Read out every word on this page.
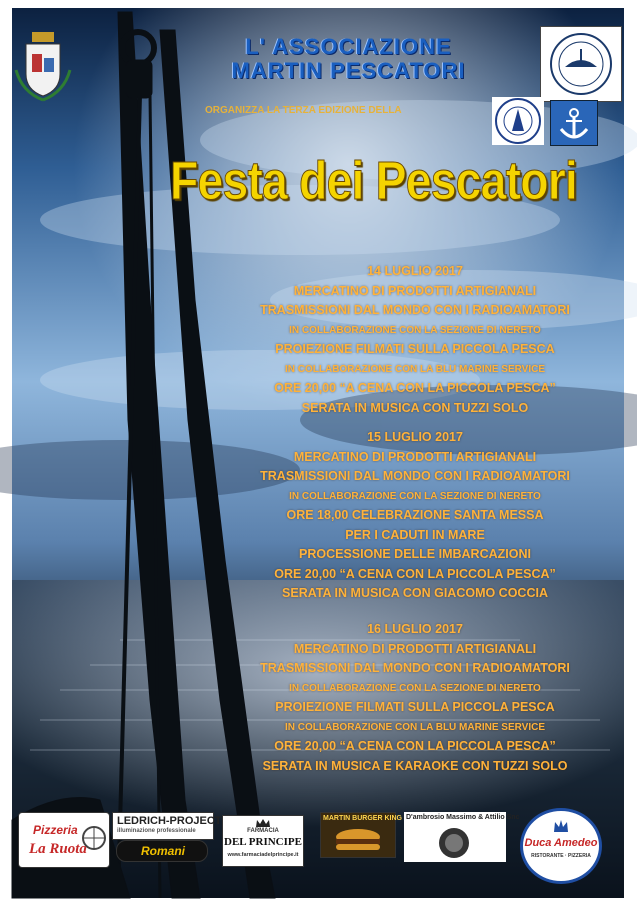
L' ASSOCIAZIONE
MARTIN PESCATORI
ORGANIZZA LA TERZA EDIZIONE DELLA
Festa dei Pescatori
14 LUGLIO 2017
MERCATINO DI PRODOTTI ARTIGIANALI
TRASMISSIONI DAL MONDO CON I RADIOAMATORI
IN COLLABORAZIONE CON LA SEZIONE DI NERETO
PROIEZIONE FILMATI SULLA PICCOLA PESCA
IN COLLABORAZIONE CON LA BLU MARINE SERVICE
ORE 20,00 “A CENA CON LA PICCOLA PESCA”
SERATA IN MUSICA CON TUZZI SOLO
15 LUGLIO 2017
MERCATINO DI PRODOTTI ARTIGIANALI
TRASMISSIONI DAL MONDO CON I RADIOAMATORI
IN COLLABORAZIONE CON LA SEZIONE DI NERETO
ORE 18,00 CELEBRAZIONE SANTA MESSA
PER I CADUTI IN MARE
PROCESSIONE DELLE IMBARCAZIONI
ORE 20,00 “A CENA CON LA PICCOLA PESCA”
SERATA IN MUSICA CON GIACOMO COCCIA
16 LUGLIO 2017
MERCATINO DI PRODOTTI ARTIGIANALI
TRASMISSIONI DAL MONDO CON I RADIOAMATORI
IN COLLABORAZIONE CON LA SEZIONE DI NERETO
PROIEZIONE FILMATI SULLA PICCOLA PESCA
IN COLLABORAZIONE CON LA BLU MARINE SERVICE
ORE 20,00 “A CENA CON LA PICCOLA PESCA”
SERATA IN MUSICA E KARAOKE CON TUZZI SOLO
Pizzeria
La Ruota
LEDRICH-PROJECT
illuminazione professionale
Romani
FARMACIA
DEL PRINCIPE
www.farmaciadelprincipe.it
MARTIN BURGER KING D'ambrosio Massimo & Attilio Snc
Duca Amedeo
RISTORANTE · PIZZERIA
